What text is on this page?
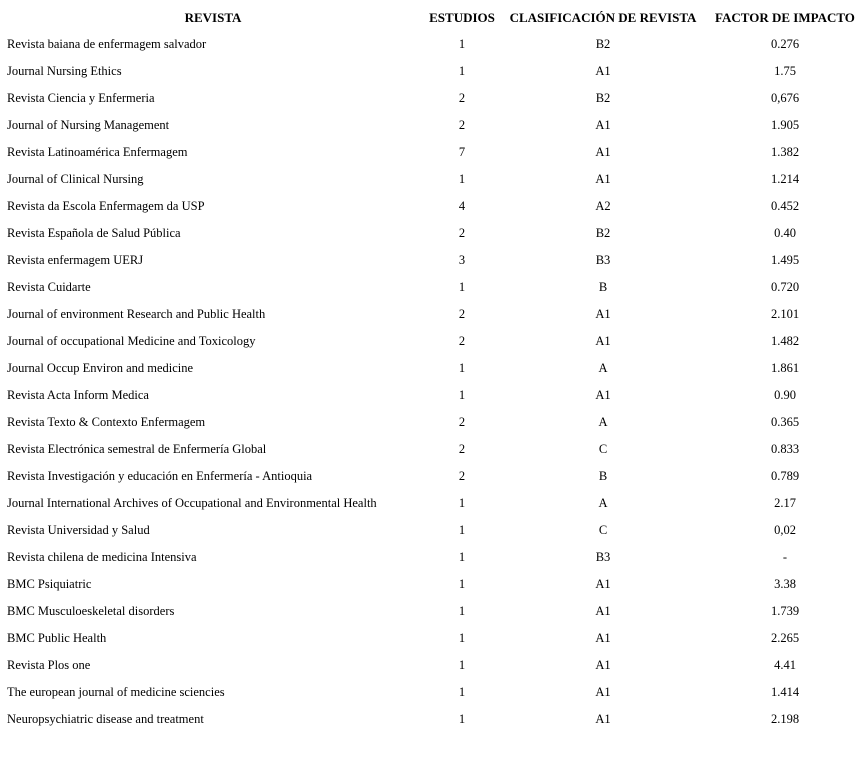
REVISTA	ESTUDIOS	CLASIFICACIÓN DE REVISTA	FACTOR DE IMPACTO
Revista baiana de enfermagem salvador	1	B2	0.276
Journal Nursing Ethics	1	A1	1.75
Revista Ciencia y Enfermeria	2	B2	0,676
Journal of Nursing Management	2	A1	1.905
Revista Latinoamérica Enfermagem	7	A1	1.382
Journal of Clinical Nursing	1	A1	1.214
Revista da Escola Enfermagem da USP	4	A2	0.452
Revista Española de Salud Pública	2	B2	0.40
Revista enfermagem UERJ	3	B3	1.495
Revista Cuidarte	1	B	0.720
Journal of environment Research and Public Health	2	A1	2.101
Journal of occupational Medicine and Toxicology	2	A1	1.482
Journal Occup Environ and medicine	1	A	1.861
Revista Acta Inform Medica	1	A1	0.90
Revista Texto & Contexto Enfermagem	2	A	0.365
Revista Electrónica semestral de Enfermería Global	2	C	0.833
Revista Investigación y educación en Enfermería - Antioquia	2	B	0.789
Journal International Archives of Occupational and Environmental Health	1	A	2.17
Revista Universidad y Salud	1	C	0,02
Revista chilena de medicina Intensiva	1	B3	-
BMC Psiquiatric	1	A1	3.38
BMC Musculoeskeletal disorders	1	A1	1.739
BMC Public Health	1	A1	2.265
Revista Plos one	1	A1	4.41
The european journal of medicine sciencies	1	A1	1.414
Neuropsychiatric disease and treatment	1	A1	2.198
